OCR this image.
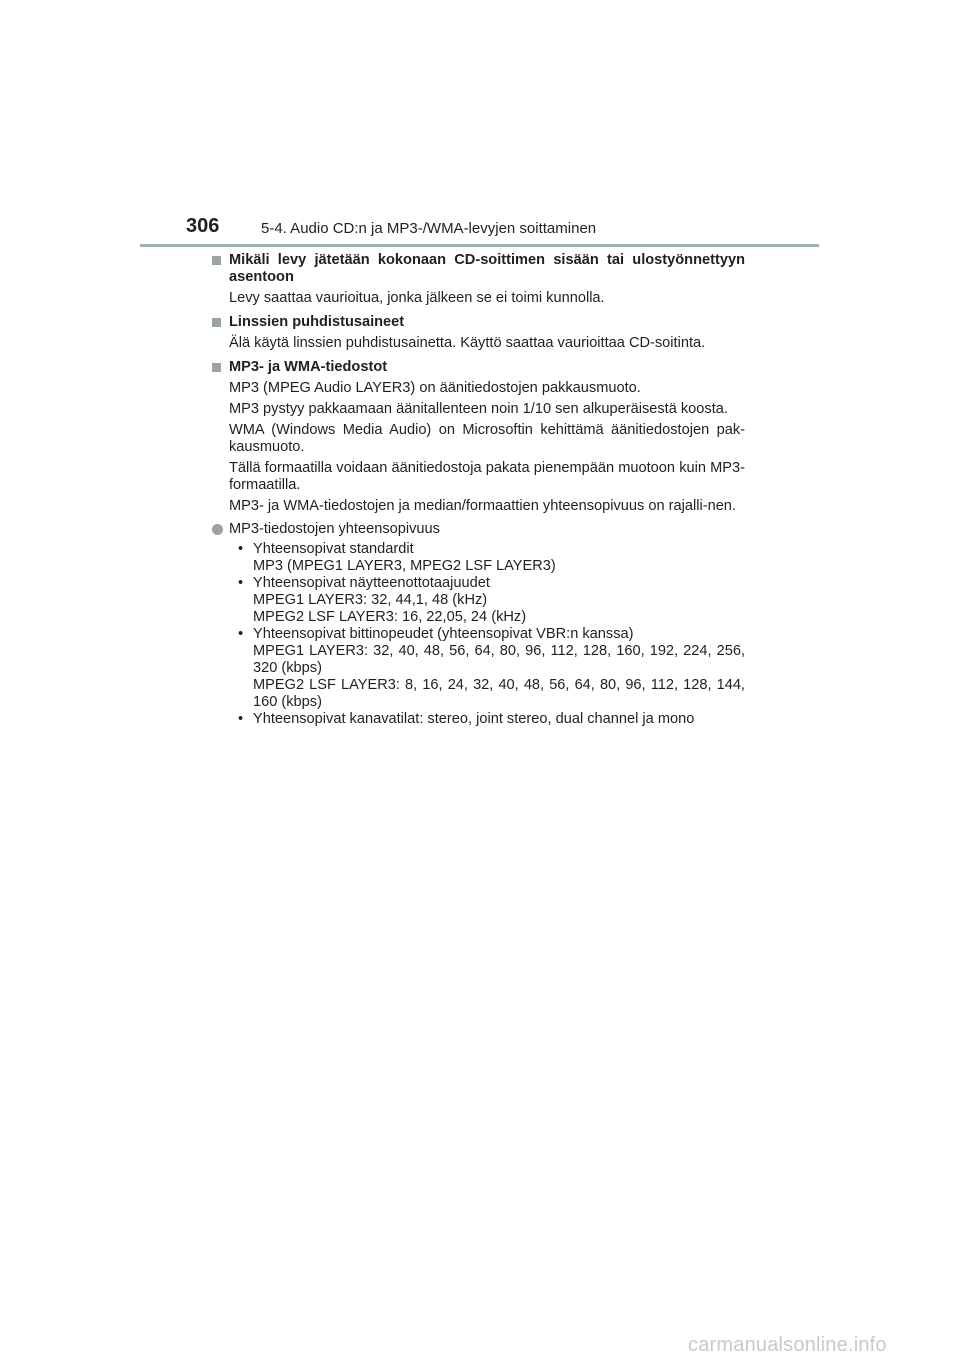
306	5-4. Audio CD:n ja MP3-/WMA-levyjen soittaminen
Mikäli levy jätetään kokonaan CD-soittimen sisään tai ulostyönnettyyn asentoon

Levy saattaa vaurioitua, jonka jälkeen se ei toimi kunnolla.

Linssien puhdistusaineet

Älä käytä linssien puhdistusainetta. Käyttö saattaa vaurioittaa CD-soitinta.

MP3- ja WMA-tiedostot

MP3 (MPEG Audio LAYER3) on äänitiedostojen pakkausmuoto.

MP3 pystyy pakkaamaan äänitallenteen noin 1/10 sen alkuperäisestä koosta.

WMA (Windows Media Audio) on Microsoftin kehittämä äänitiedostojen pak-kausmuoto.

Tällä formaatilla voidaan äänitiedostoja pakata pienempään muotoon kuin MP3-formaatilla.

MP3- ja WMA-tiedostojen ja median/formaattien yhteensopivuus on rajalli-nen.

MP3-tiedostojen yhteensopivuus
• Yhteensopivat standardit
MP3 (MPEG1 LAYER3, MPEG2 LSF LAYER3)
• Yhteensopivat näytteenottotaajuudet
MPEG1 LAYER3: 32, 44,1, 48 (kHz)
MPEG2 LSF LAYER3: 16, 22,05, 24 (kHz)
• Yhteensopivat bittinopeudet (yhteensopivat VBR:n kanssa)
MPEG1 LAYER3: 32, 40, 48, 56, 64, 80, 96, 112, 128, 160, 192, 224, 256, 320 (kbps)
MPEG2 LSF LAYER3: 8, 16, 24, 32, 40, 48, 56, 64, 80, 96, 112, 128, 144, 160 (kbps)
• Yhteensopivat kanavatilat: stereo, joint stereo, dual channel ja mono
carmanualsonline.info
